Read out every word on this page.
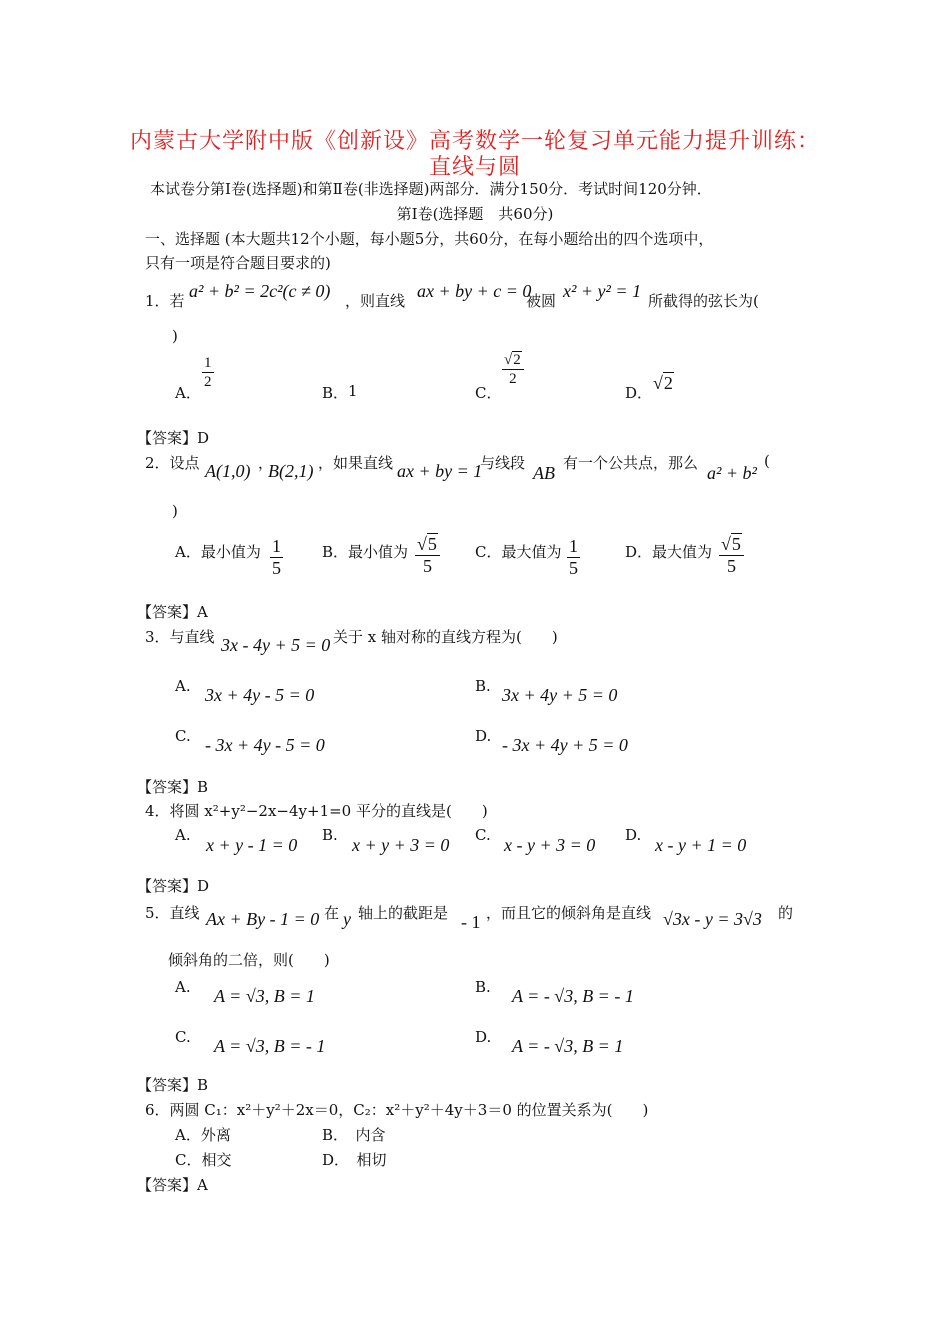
内蒙古大学附中版《创新设》高考数学一轮复习单元能力提升训练：
直线与圆
本试卷分第Ⅰ卷(选择题)和第Ⅱ卷(非选择题)两部分．满分150分．考试时间120分钟．
第Ⅰ卷(选择题　共60分)
一、选择题 (本大题共12个小题，每小题5分，共60分，在每小题给出的四个选项中，
只有一项是符合题目要求的)
1．若 a² + b² = 2c²(c ≠ 0) ，则直线 ax + by + c = 0
被圆 x² + y² = 1 所截得的弦长为(
)
A．
$\frac{1}{2}$
B． 1	C．
$\frac{√2}{2}$
D． √2
【答案】D
2．设点 A(1,0) ，
B(2,1) ，如果直线 ax + by = 1
与线段 AB 有一个公共点，那么 a² + b²
(
)
A．最小值为 $\frac{1}{5}$	B．最小值为 $\frac{√5}{5}$ C．最大值为 $\frac{1}{5}$	D．最大值为 $\frac{√5}{5}$
【答案】A
3．与直线 3x - 4y + 5 = 0 关于 x 轴对称的直线方程为(　　)
A. 3x + 4y - 5 = 0	B. 3x + 4y + 5 = 0
C. - 3x + 4y - 5 = 0	D. - 3x + 4y + 5 = 0
【答案】B
4．将圆 x²+y²−2x−4y+1=0 平分的直线是(　　)
A. x + y - 1 = 0 B. x + y + 3 = 0 C. x - y + 3 = 0 D. x - y + 1 = 0
【答案】D
5．直线 Ax + By - 1 = 0 在 y 轴上的截距是 - 1 ，而且它的倾斜角是直线 √3x - y = 3√3 的
倾斜角的二倍，则(　　)
A. A = √3, B = 1	B. A = - √3, B = - 1
C. A = √3, B = - 1	D. A = - √3, B = 1
【答案】B
6．两圆 C₁：x²＋y²＋2x＝0，C₂：x²＋y²＋4y＋3＝0 的位置关系为(　　)
A．外离	B．　内含
C．相交	D．　相切
【答案】A
